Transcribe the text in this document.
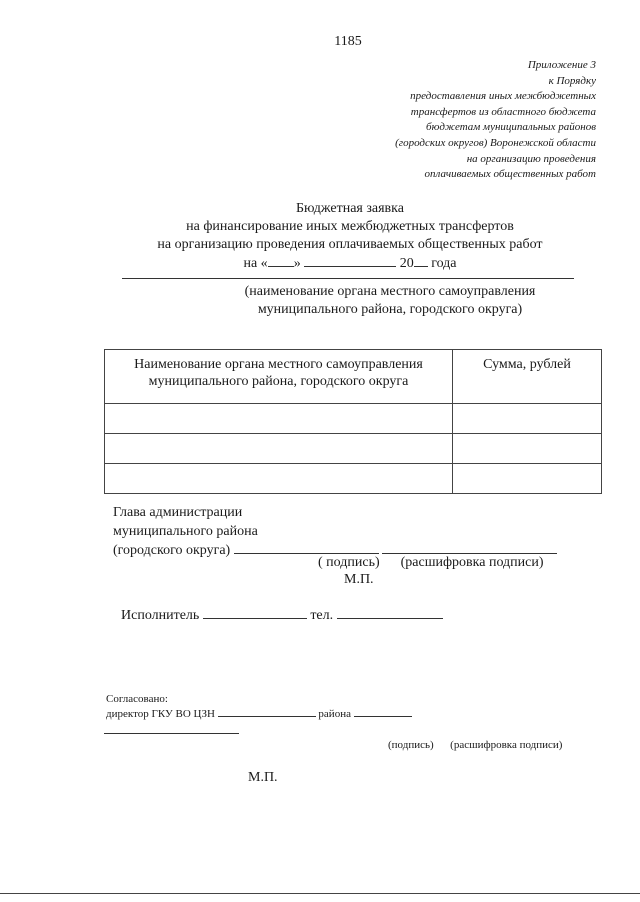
1185
Приложение 3
к Порядку
предоставления иных межбюджетных
трансфертов из областного бюджета
бюджетам муниципальных районов
(городских округов) Воронежской области
на организацию проведения
оплачиваемых общественных работ
Бюджетная заявка
на финансирование иных межбюджетных трансфертов
на организацию проведения оплачиваемых общественных работ
на « »	20 года
(наименование органа местного самоуправления
муниципального района, городского округа)
Наименование органа местного самоуправления
муниципального района, городского округа	Сумма, рублей

Глава администрации
муниципального района
(городского округа)
( подпись) (расшифровка подписи)
М.П.
Исполнитель	тел.
Согласовано:
директор ГКУ ВО ЦЗН	района
(подпись) (расшифровка подписи)
М.П.
